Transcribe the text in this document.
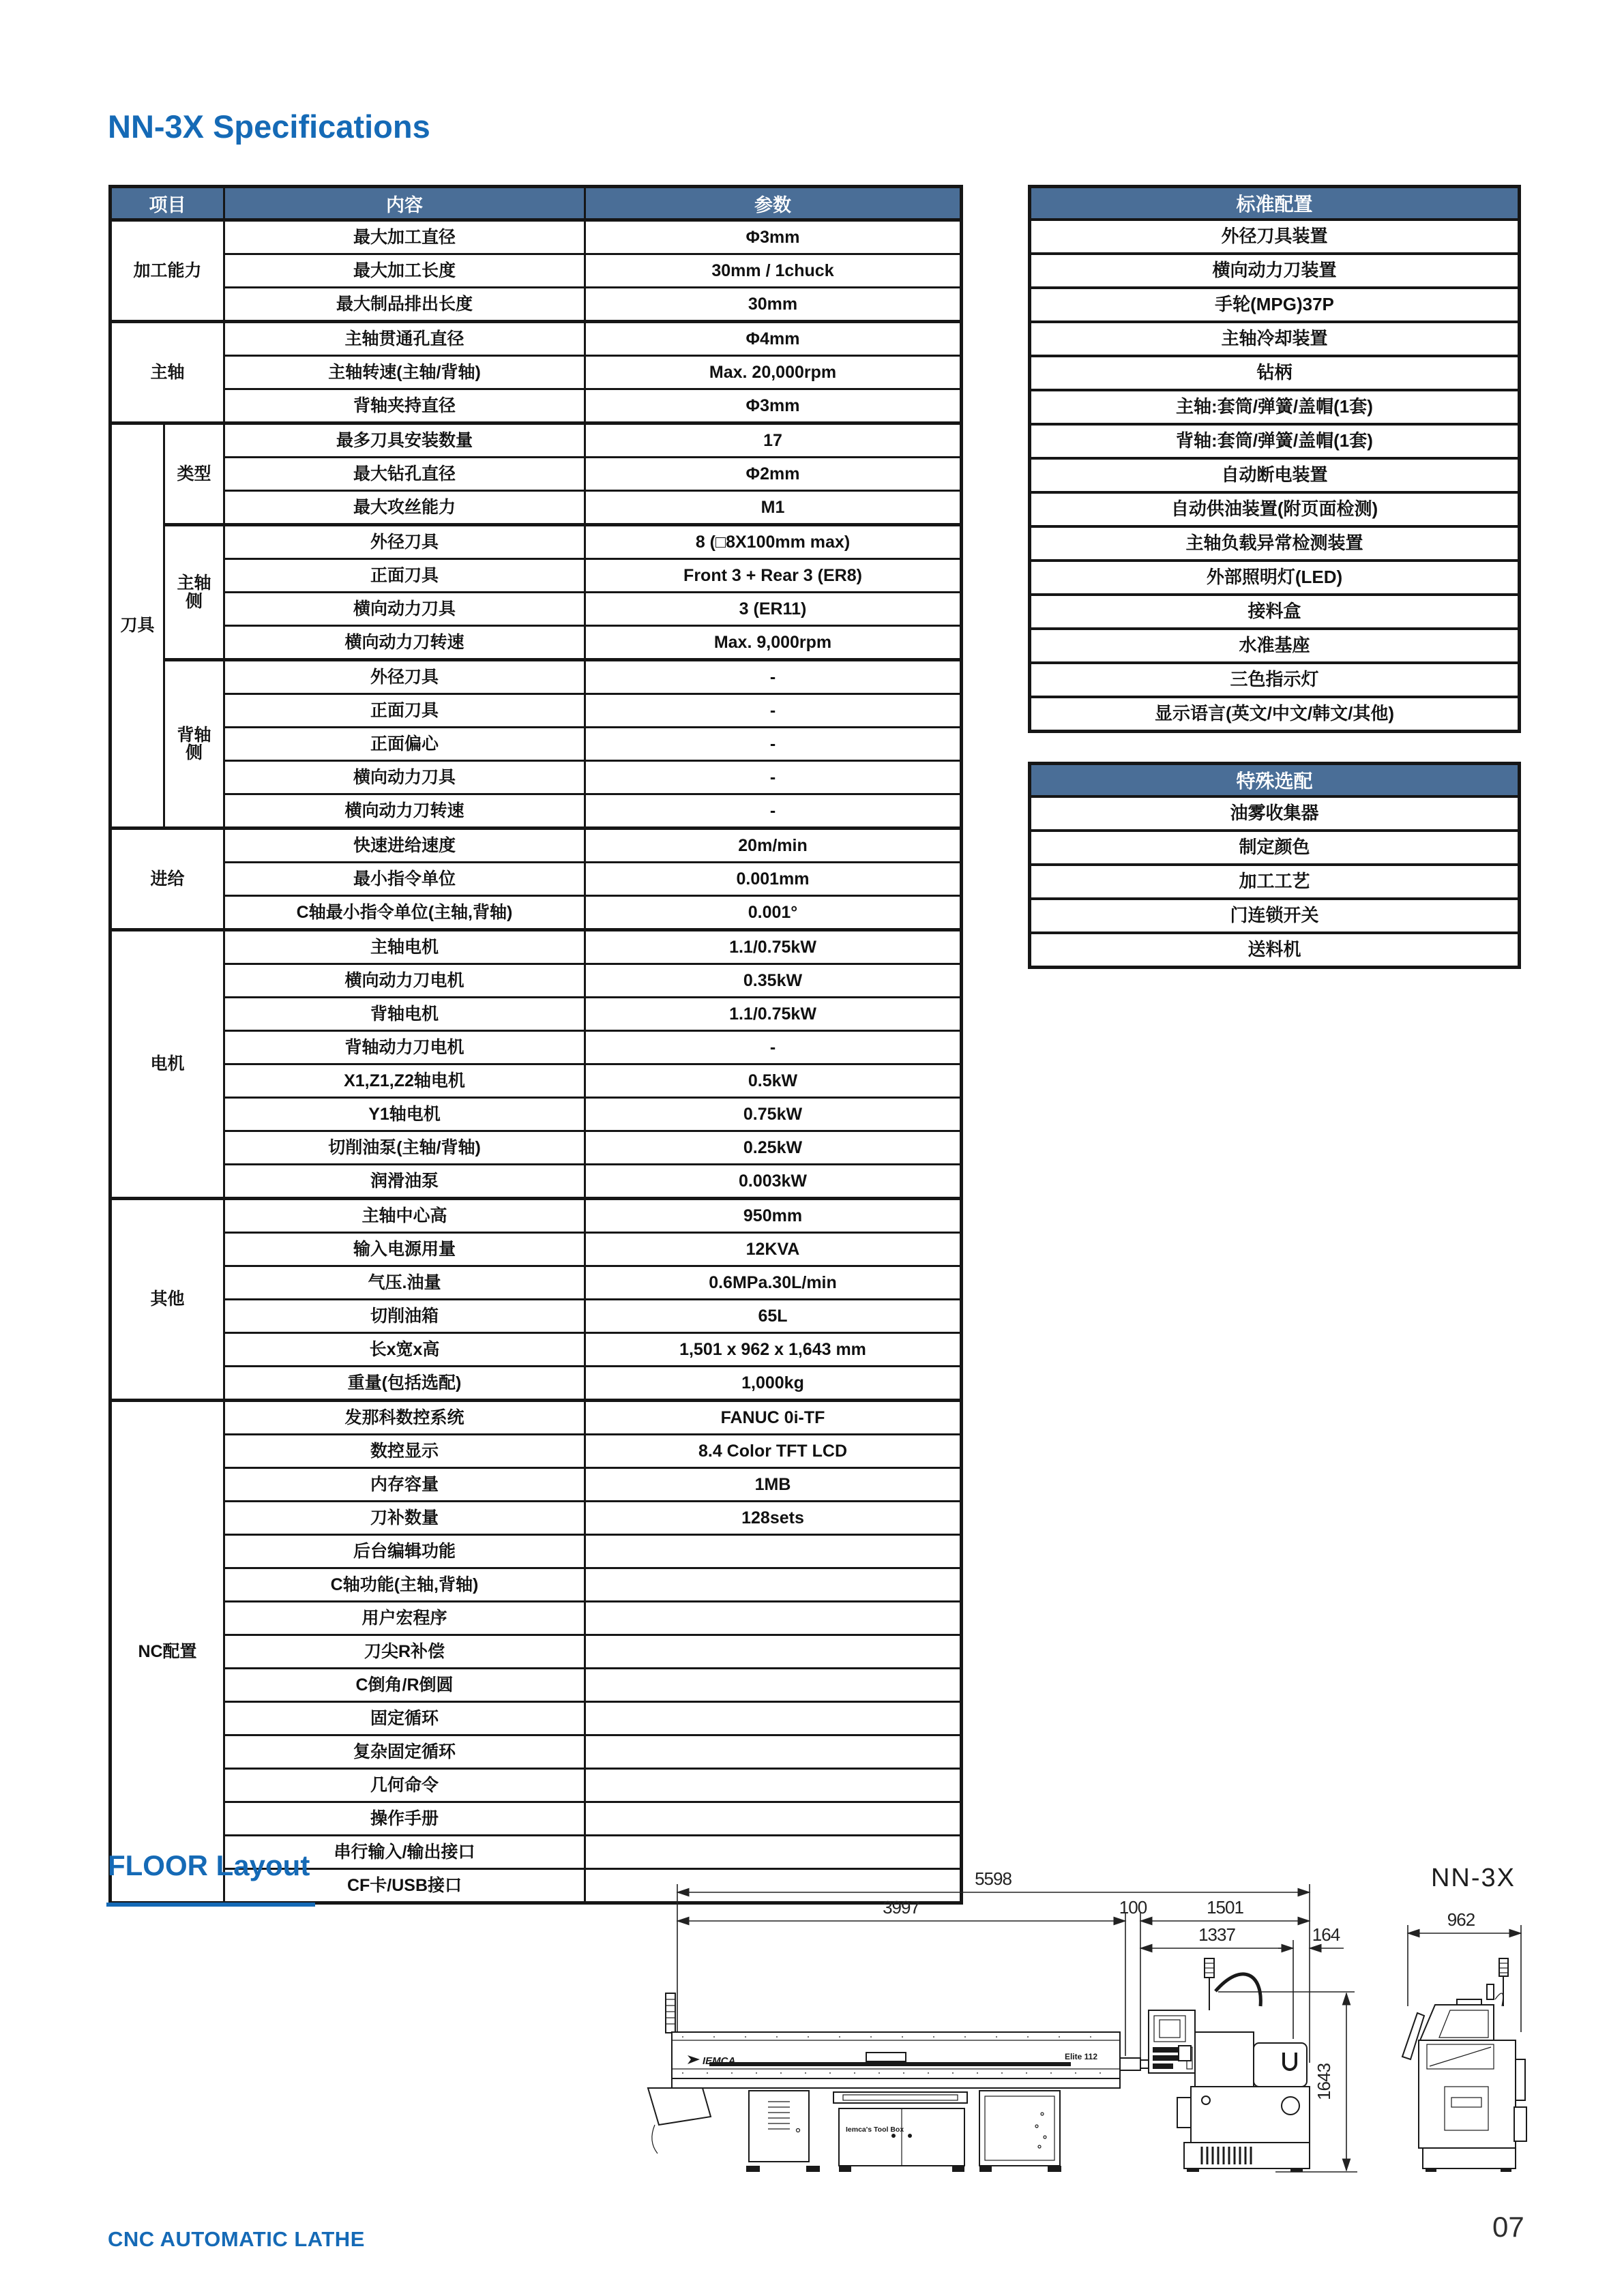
NN-3X Specifications
项目		内容	参数
加工能力		最大加工直径	Φ3mm
		最大加工长度	30mm / 1chuck
		最大制品排出长度	30mm
主轴		主轴贯通孔直径	Φ4mm
		主轴转速(主轴/背轴)	Max. 20,000rpm
		背轴夹持直径	Φ3mm
刀具	类型	最多刀具安装数量	17
		最大钻孔直径	Φ2mm
		最大攻丝能力	M1
	主轴侧	外径刀具	8 (□8X100mm max)
		正面刀具	Front 3 + Rear 3 (ER8)
		横向动力刀具	3 (ER11)
		横向动力刀转速	Max. 9,000rpm
	背轴侧	外径刀具	-
		正面刀具	-
		正面偏心	-
		横向动力刀具	-
		横向动力刀转速	-
进给		快速进给速度	20m/min
		最小指令单位	0.001mm
		C轴最小指令单位(主轴,背轴)	0.001°
电机		主轴电机	1.1/0.75kW
		横向动力刀电机	0.35kW
		背轴电机	1.1/0.75kW
		背轴动力刀电机	-
		X1,Z1,Z2轴电机	0.5kW
		Y1轴电机	0.75kW
		切削油泵(主轴/背轴)	0.25kW
		润滑油泵	0.003kW
其他		主轴中心高	950mm
		输入电源用量	12KVA
		气压.油量	0.6MPa.30L/min
		切削油箱	65L
		长x宽x高	1,501 x 962 x 1,643 mm
		重量(包括选配)	1,000kg
NC配置		发那科数控系统	FANUC 0i-TF
		数控显示	8.4 Color TFT LCD
		内存容量	1MB
		刀补数量	128sets
		后台编辑功能	
		C轴功能(主轴,背轴)	
		用户宏程序	
		刀尖R补偿	
		C倒角/R倒圆	
		固定循环	
		复杂固定循环	
		几何命令	
		操作手册	
		串行输入/输出接口	
		CF卡/USB接口	
标准配置
外径刀具装置
横向动力刀装置
手轮(MPG)37P
主轴冷却装置
钻柄
主轴:套筒/弹簧/盖帽(1套)
背轴:套筒/弹簧/盖帽(1套)
自动断电装置
自动供油装置(附页面检测)
主轴负载异常检测装置
外部照明灯(LED)
接料盒
水准基座
三色指示灯
显示语言(英文/中文/韩文/其他)
特殊选配
油雾收集器
制定颜色
加工工艺
门连锁开关
送料机
FLOOR Layout	5598
3997	100	1501
1337	164
1643
962
NN-3X
IEMCA	Elite 112
Iemca's Tool Box

CNC AUTOMATIC LATHE	07
